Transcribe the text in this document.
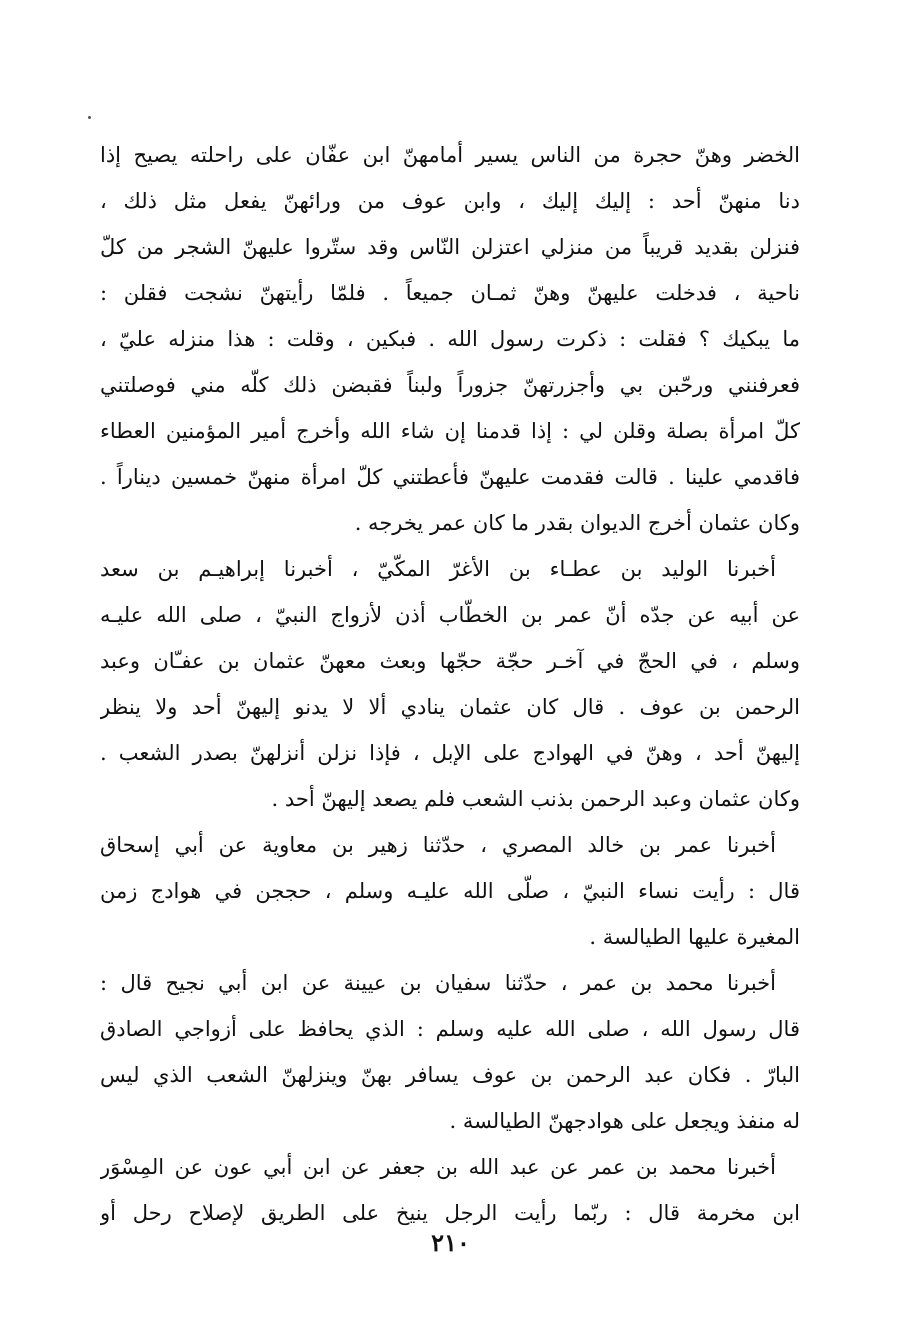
الخضر وهنّ حجرة من الناس يسير أمامهنّ ابن عفّان على راحلته يصيح إذا
دنا منهنّ أحد : إليك إليك ، وابن عوف من ورائهنّ يفعل مثل ذلك ،
فنزلن بقديد قريباً من منزلي اعتزلن النّاس وقد ستّروا عليهنّ الشجر من كلّ
ناحية ، فدخلت عليهنّ وهنّ ثمـان جميعاً . فلمّا رأيتهنّ نشجت فقلن :
ما يبكيك ؟ فقلت : ذكرت رسول الله . فبكين ، وقلت : هذا منزله عليّ ،
فعرفنني ورحّبن بي وأجزرتهنّ جزوراً ولبناً فقبضن ذلك كلّه مني فوصلتني
كلّ امرأة بصلة وقلن لي : إذا قدمنا إن شاء الله وأخرج أمير المؤمنين العطاء
فاقدمي علينا . قالت فقدمت عليهنّ فأعطتني كلّ امرأة منهنّ خمسين ديناراً .
وكان عثمان أخرج الديوان بقدر ما كان عمر يخرجه .
أخبرنا الوليد بن عطـاء بن الأغرّ المكّيّ ، أخبرنا إبراهيـم بن سعد
عن أبيه عن جدّه أنّ عمر بن الخطّاب أذن لأزواج النبيّ ، صلى الله عليـه
وسلم ، في الحجّ في آخـر حجّة حجّها وبعث معهنّ عثمان بن عفـّان وعبد
الرحمن بن عوف . قال كان عثمان ينادي ألا لا يدنو إليهنّ أحد ولا ينظر
إليهنّ أحد ، وهنّ في الهوادج على الإبل ، فإذا نزلن أنزلهنّ بصدر الشعب .
وكان عثمان وعبد الرحمن بذنب الشعب فلم يصعد إليهنّ أحد .
أخبرنا عمر بن خالد المصري ، حدّثنا زهير بن معاوية عن أبي إسحاق
قال : رأيت نساء النبيّ ، صلّى الله عليـه وسلم ، حججن في هوادج زمن
المغيرة عليها الطيالسة .
أخبرنا محمد بن عمر ، حدّثنا سفيان بن عيينة عن ابن أبي نجيح قال :
قال رسول الله ، صلى الله عليه وسلم : الذي يحافظ على أزواجي الصادق
البارّ . فكان عبد الرحمن بن عوف يسافر بهنّ وينزلهنّ الشعب الذي ليس
له منفذ ويجعل على هوادجهنّ الطيالسة .
أخبرنا محمد بن عمر عن عبد الله بن جعفر عن ابن أبي عون عن المِسْوَر
ابن مخرمة قال : ربّما رأيت الرجل ينيخ على الطريق لإصلاح رحل أو
٢١٠
